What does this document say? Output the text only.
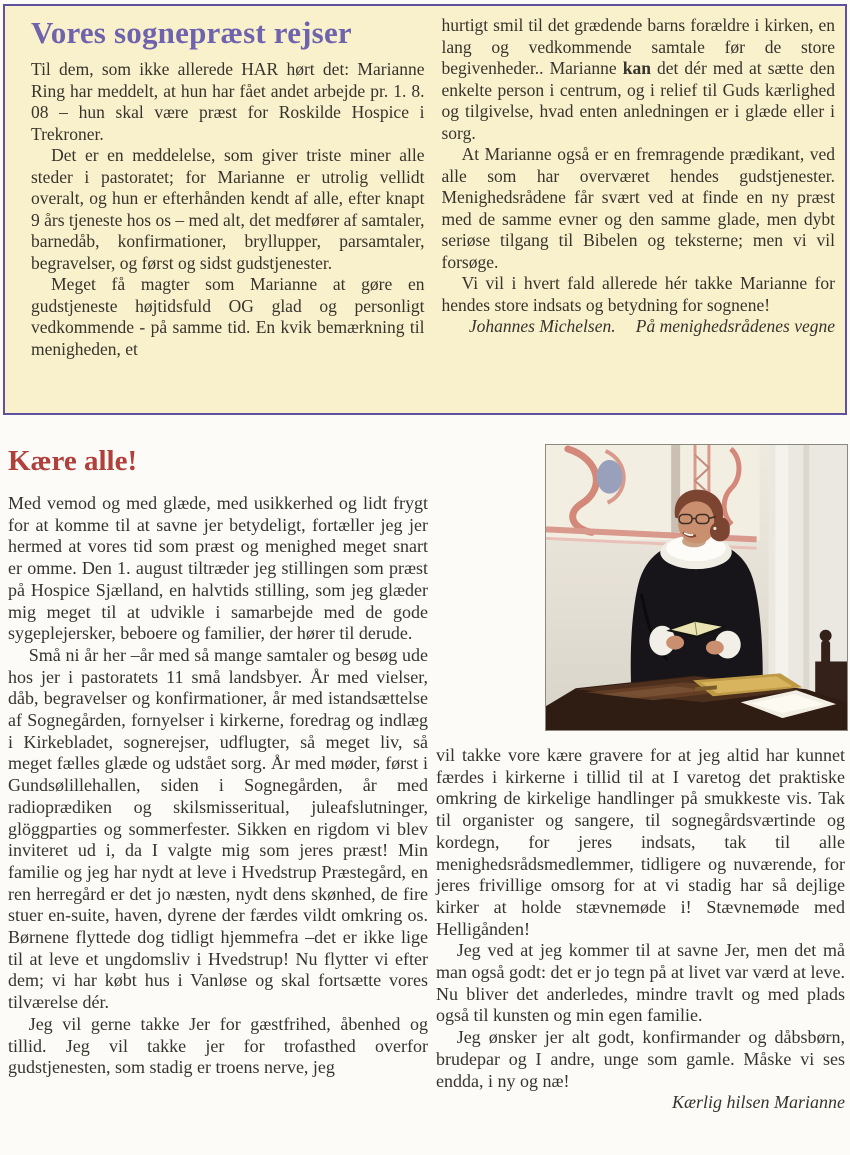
Vores sognepræst rejser

Til dem, som ikke allerede HAR hørt det: Marianne Ring har meddelt, at hun har fået andet arbejde pr. 1. 8. 08 – hun skal være præst for Roskilde Hospice i Trekroner.

Det er en meddelelse, som giver triste miner alle steder i pastoratet; for Marianne er utrolig vellidt overalt, og hun er efterhånden kendt af alle, efter knapt 9 års tjeneste hos os – med alt, det medfører af samtaler, barnedåb, konfirmationer, bryllupper, parsamtaler, begravelser, og først og sidst gudstjenester.

Meget få magter som Marianne at gøre en gudstjeneste højtidsfuld OG glad og personligt vedkommende - på samme tid. En kvik bemærkning til menigheden, et

hurtigt smil til det grædende barns forældre i kirken, en lang og vedkommende samtale før de store begivenheder.. Marianne kan det dér med at sætte den enkelte person i centrum, og i relief til Guds kærlighed og tilgivelse, hvad enten anledningen er i glæde eller i sorg.

At Marianne også er en fremragende prædikant, ved alle som har overværet hendes gudstjenester. Menighedsrådene får svært ved at finde en ny præst med de samme evner og den samme glade, men dybt seriøse tilgang til Bibelen og teksterne; men vi vil forsøge.

Vi vil i hvert fald allerede hér takke Marianne for hendes store indsats og betydning for sognene!
På menighedsrådenes vegne

Johannes Michelsen.

Kære alle!

Med vemod og med glæde, med usikkerhed og lidt frygt for at komme til at savne jer betydeligt, fortæller jeg jer hermed at vores tid som præst og menighed meget snart er omme. Den 1. august tiltræder jeg stillingen som præst på Hospice Sjælland, en halvtids stilling, som jeg glæder mig meget til at udvikle i samarbejde med de gode sygeplejersker, beboere og familier, der hører til derude.

Små ni år her –år med så mange samtaler og besøg ude hos jer i pastoratets 11 små landsbyer. År med vielser, dåb, begravelser og konfirmationer, år med istandsættelse af Sognegården, fornyelser i kirkerne, foredrag og indlæg i Kirkebladet, sognerejser, udflugter, så meget liv, så meget fælles glæde og udstået sorg. År med møder, først i Gundsølillehallen, siden i Sognegården, år med radioprædiken og skilsmisseritual, juleafslutninger, glöggparties og sommerfester. Sikken en rigdom vi blev inviteret ud i, da I valgte mig som jeres præst! Min familie og jeg har nydt at leve i Hvedstrup Præstegård, en ren herregård er det jo næsten, nydt dens skønhed, de fire stuer en-suite, haven, dyrene der færdes vildt omkring os. Børnene flyttede dog tidligt hjemmefra –det er ikke lige til at leve et ungdomsliv i Hvedstrup! Nu flytter vi efter dem; vi har købt hus i Vanløse og skal fortsætte vores tilværelse dér.

Jeg vil gerne takke Jer for gæstfrihed, åbenhed og tillid. Jeg vil takke jer for trofasthed overfor gudstjenesten, som stadig er troens nerve, jeg

vil takke vore kære gravere for at jeg altid har kunnet færdes i kirkerne i tillid til at I varetog det praktiske omkring de kirkelige handlinger på smukkeste vis. Tak til organister og sangere, til sognegårdsværtinde og kordegn, for jeres indsats, tak til alle menighedsrådsmedlemmer, tidligere og nuværende, for jeres frivillige omsorg for at vi stadig har så dejlige kirker at holde stævnemøde i! Stævnemøde med Helligånden!

Jeg ved at jeg kommer til at savne Jer, men det må man også godt: det er jo tegn på at livet var værd at leve. Nu bliver det anderledes, mindre travlt og med plads også til kunsten og min egen familie.

Jeg ønsker jer alt godt, konfirmander og dåbsbørn, brudepar og I andre, unge som gamle. Måske vi ses endda, i ny og næ!

Kærlig hilsen Marianne
